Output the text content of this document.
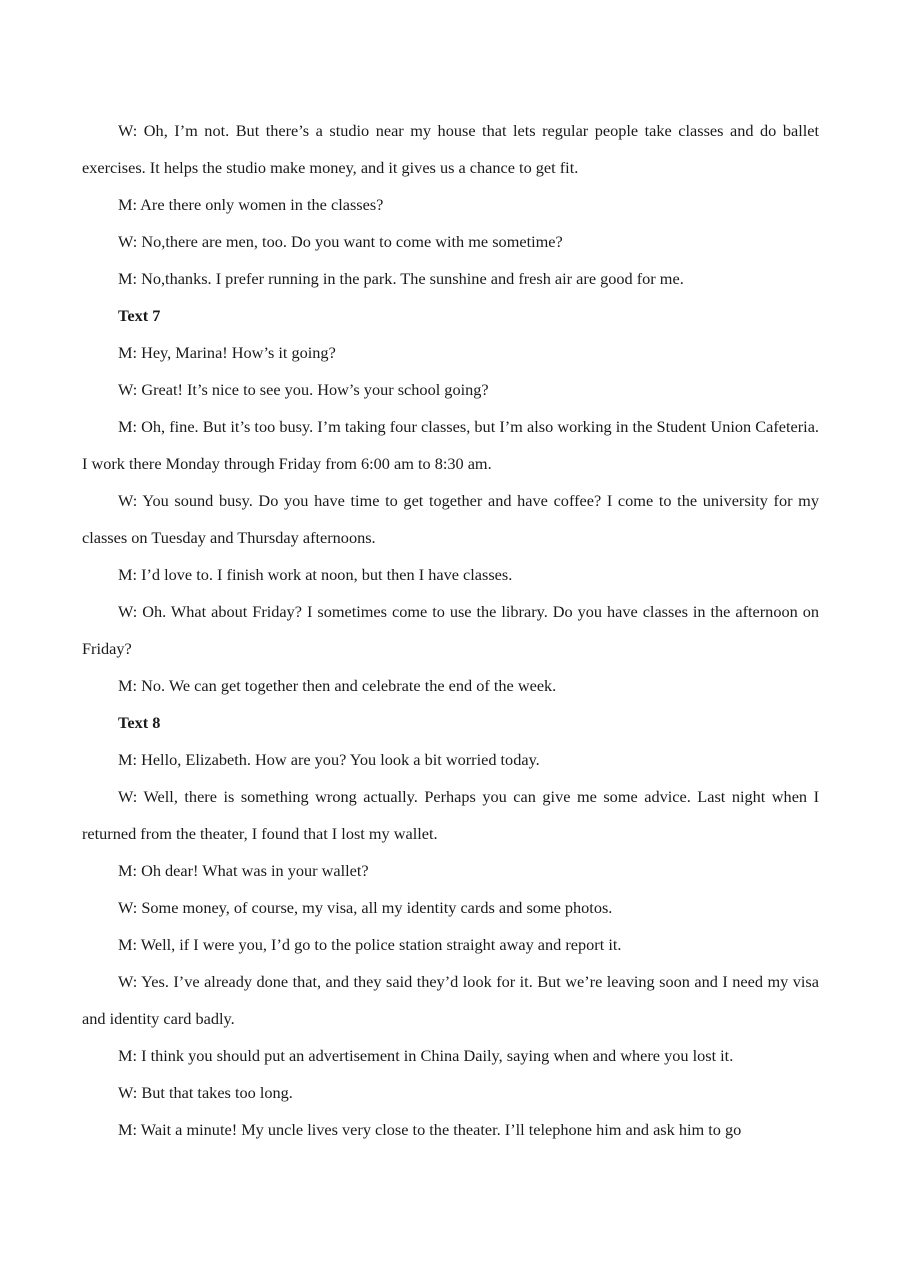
W: Oh, I’m not. But there’s a studio near my house that lets regular people take classes and do ballet exercises. It helps the studio make money, and it gives us a chance to get fit.

M: Are there only women in the classes?

W: No,there are men, too. Do you want to come with me sometime?

M: No,thanks. I prefer running in the park. The sunshine and fresh air are good for me.

Text 7

M: Hey, Marina! How’s it going?

W: Great! It’s nice to see you. How’s your school going?

M: Oh, fine. But it’s too busy. I’m taking four classes, but I’m also working in the Student Union Cafeteria. I work there Monday through Friday from 6:00 am to 8:30 am.

W: You sound busy. Do you have time to get together and have coffee? I come to the university for my classes on Tuesday and Thursday afternoons.

M: I’d love to. I finish work at noon, but then I have classes.

W: Oh. What about Friday? I sometimes come to use the library. Do you have classes in the afternoon on Friday?

M: No. We can get together then and celebrate the end of the week.

Text 8

M: Hello, Elizabeth. How are you? You look a bit worried today.

W: Well, there is something wrong actually. Perhaps you can give me some advice. Last night when I returned from the theater, I found that I lost my wallet.

M: Oh dear! What was in your wallet?

W: Some money, of course, my visa, all my identity cards and some photos.

M: Well, if I were you, I’d go to the police station straight away and report it.

W: Yes. I’ve already done that, and they said they’d look for it. But we’re leaving soon and I need my visa and identity card badly.

M: I think you should put an advertisement in China Daily, saying when and where you lost it.

W: But that takes too long.

M: Wait a minute! My uncle lives very close to the theater. I’ll telephone him and ask him to go
